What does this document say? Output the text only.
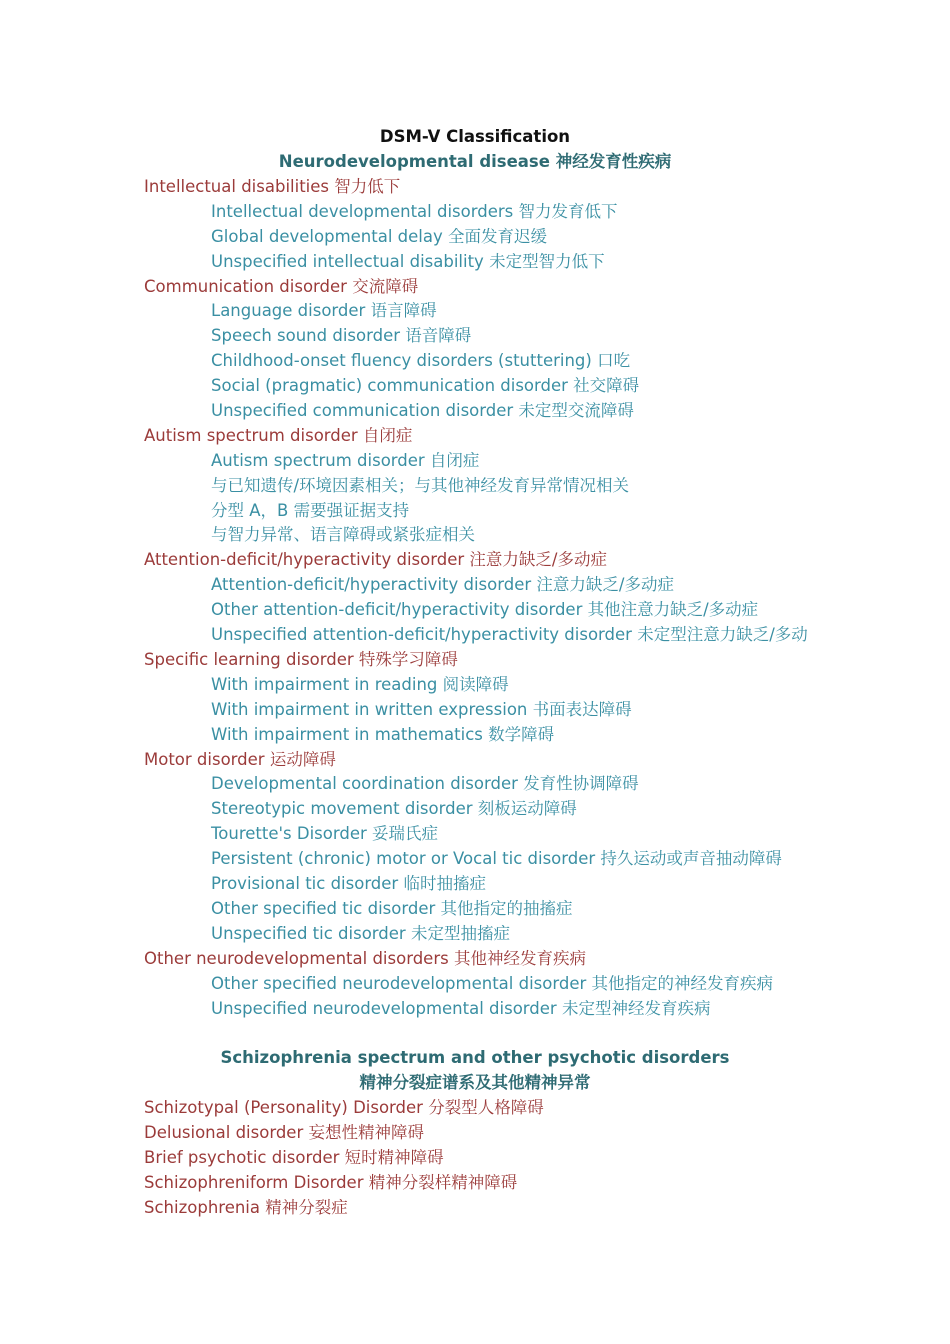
DSM-V Classification
Neurodevelopmental disease 神经发育性疾病
Intellectual disabilities 智力低下
Intellectual developmental disorders 智力发育低下
Global developmental delay 全面发育迟缓
Unspecified intellectual disability 未定型智力低下
Communication disorder 交流障碍
Language disorder 语言障碍
Speech sound disorder 语音障碍
Childhood-onset fluency disorders (stuttering) 口吃
Social (pragmatic) communication disorder 社交障碍
Unspecified communication disorder 未定型交流障碍
Autism spectrum disorder 自闭症
Autism spectrum disorder 自闭症
与已知遗传/环境因素相关；与其他神经发育异常情况相关
分型 A，B 需要强证据支持
与智力异常、语言障碍或紧张症相关
Attention-deficit/hyperactivity disorder 注意力缺乏/多动症
Attention-deficit/hyperactivity disorder 注意力缺乏/多动症
Other attention-deficit/hyperactivity disorder 其他注意力缺乏/多动症
Unspecified attention-deficit/hyperactivity disorder 未定型注意力缺乏/多动
Specific learning disorder 特殊学习障碍
With impairment in reading 阅读障碍
With impairment in written expression 书面表达障碍
With impairment in mathematics 数学障碍
Motor disorder 运动障碍
Developmental coordination disorder 发育性协调障碍
Stereotypic movement disorder 刻板运动障碍
Tourette's Disorder 妥瑞氏症
Persistent (chronic) motor or Vocal tic disorder 持久运动或声音抽动障碍
Provisional tic disorder 临时抽搐症
Other specified tic disorder 其他指定的抽搐症
Unspecified tic disorder 未定型抽搐症
Other neurodevelopmental disorders 其他神经发育疾病
Other specified neurodevelopmental disorder 其他指定的神经发育疾病
Unspecified neurodevelopmental disorder 未定型神经发育疾病
Schizophrenia spectrum and other psychotic disorders
精神分裂症谱系及其他精神异常
Schizotypal (Personality) Disorder 分裂型人格障碍
Delusional disorder 妄想性精神障碍
Brief psychotic disorder 短时精神障碍
Schizophreniform Disorder 精神分裂样精神障碍
Schizophrenia 精神分裂症
